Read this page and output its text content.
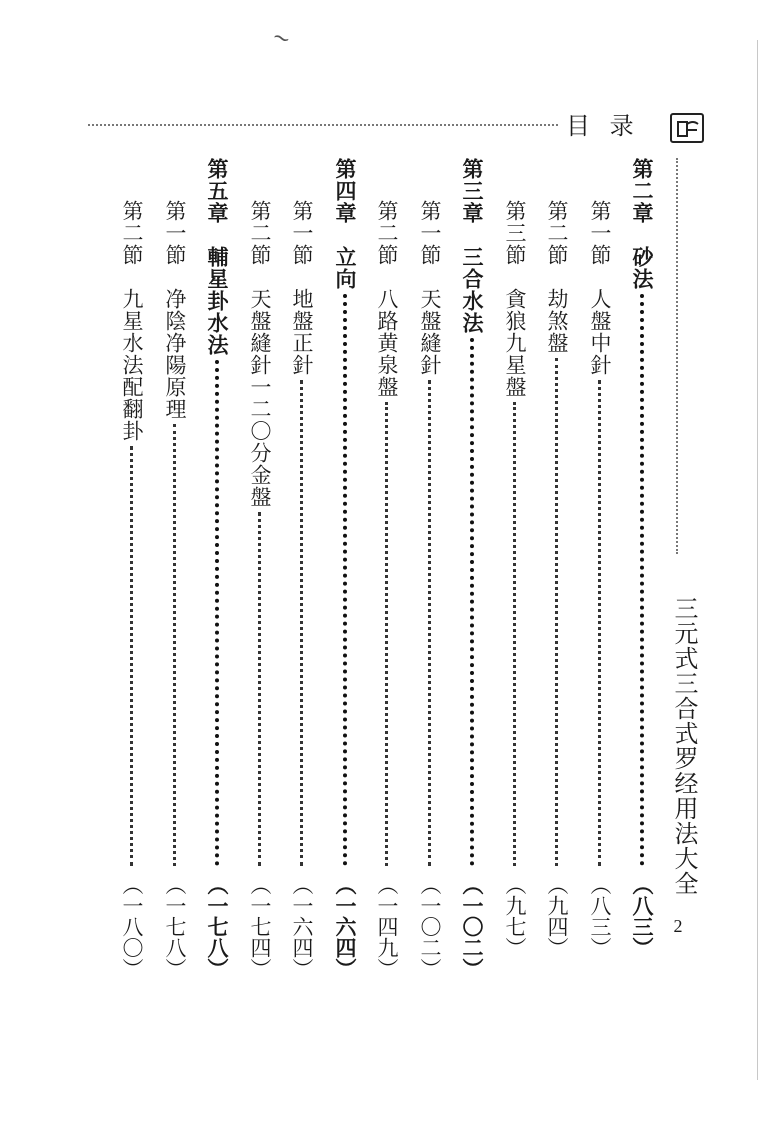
~
目 录
三元式三合式罗经用法大全
2
第二章　砂法
（八三）
第一節　人盤中針
（八三）
第二節　劫煞盤
（九四）
第三節　貪狼九星盤
（九七）
第三章　三合水法
（一〇二）
第一節　天盤縫針
（一〇二）
第二節　八路黄泉盤
（一四九）
第四章　立向
（一六四）
第一節　地盤正針
（一六四）
第二節　天盤縫針一二〇分金盤
（一七四）
第五章　輔星卦水法
（一七八）
第一節　净陰净陽原理
（一七八）
第二節　九星水法配翻卦
（一八〇）
